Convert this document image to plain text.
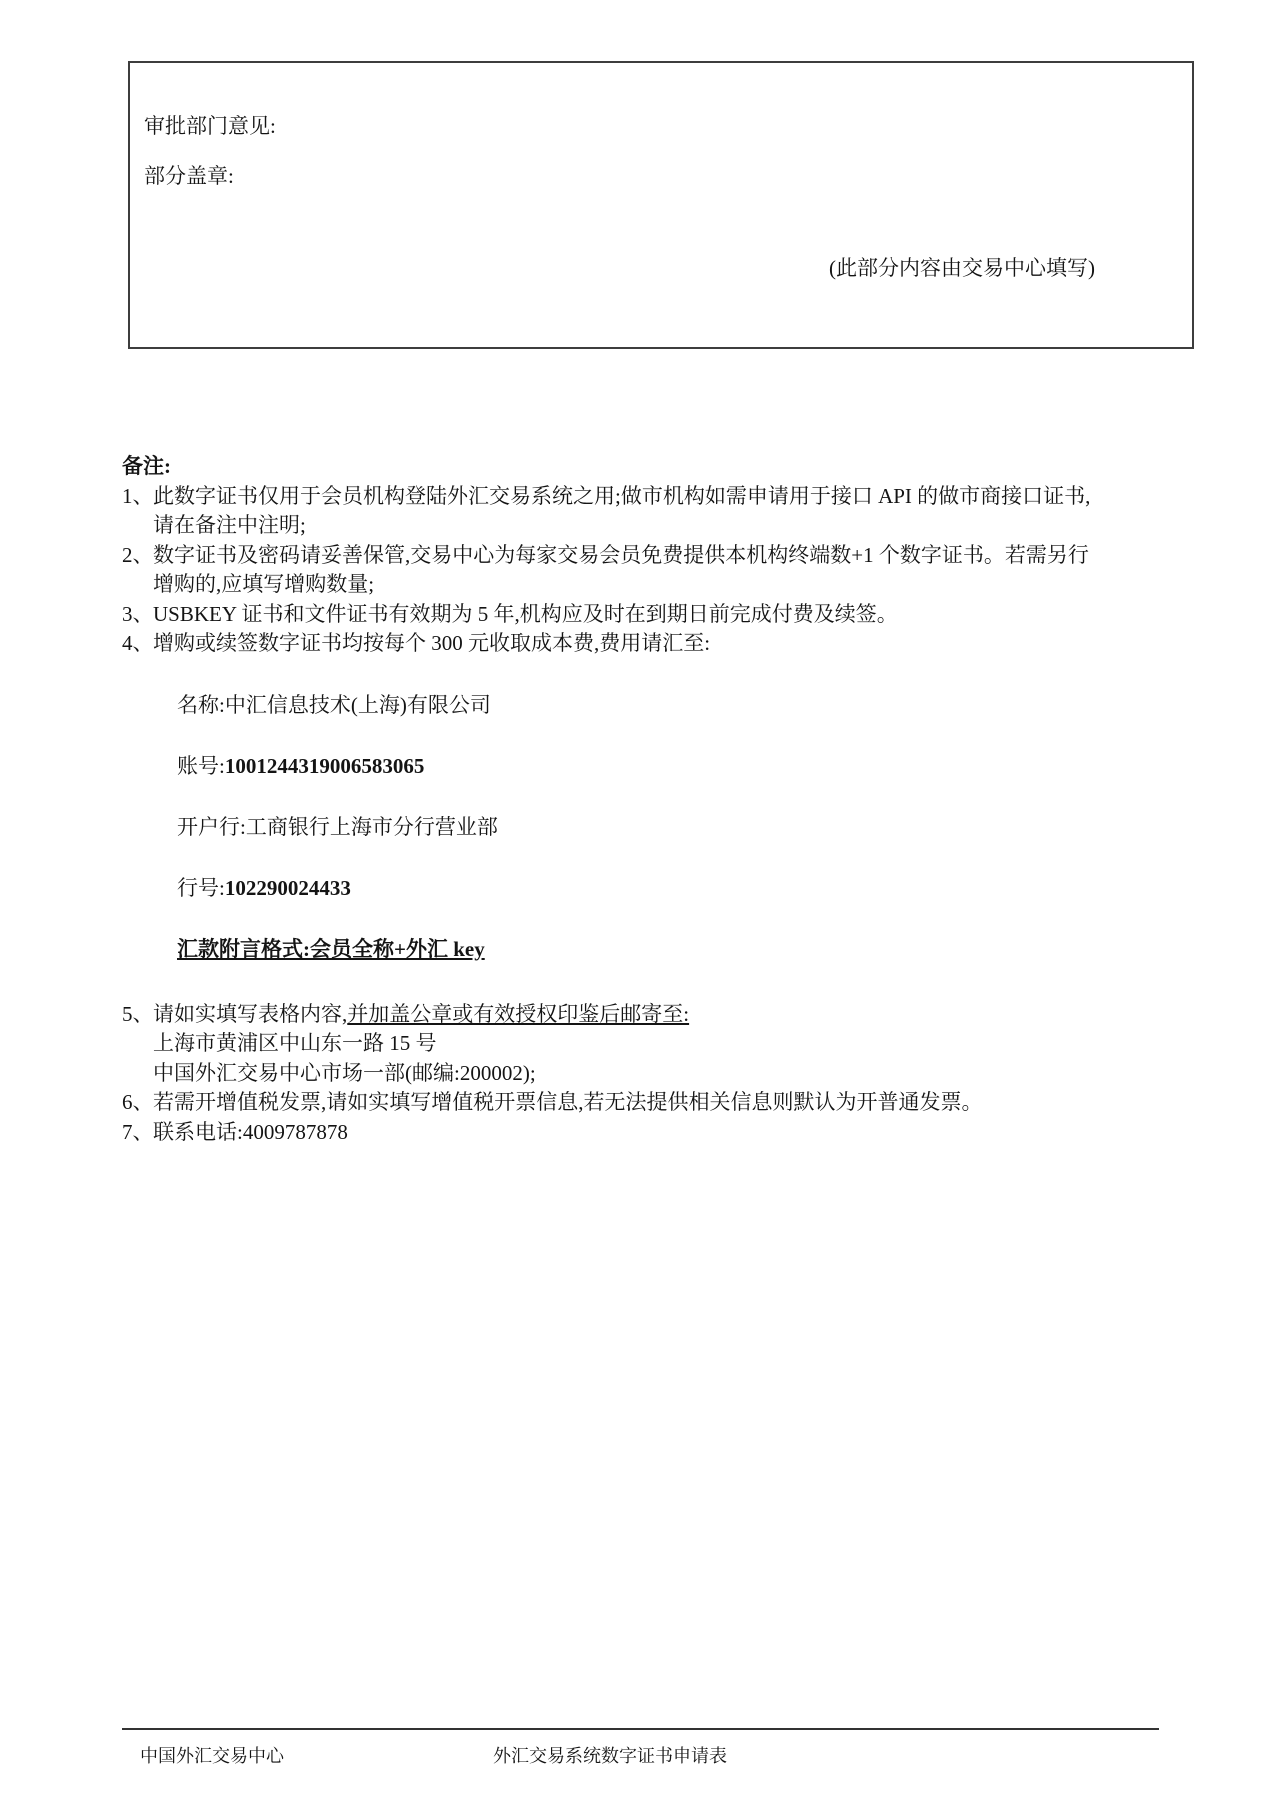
审批部门意见:
部分盖章:
(此部分内容由交易中心填写)
备注:
1、 此数字证书仅用于会员机构登陆外汇交易系统之用;做市机构如需申请用于接口 API 的做市商接口证书,请在备注中注明;
2、 数字证书及密码请妥善保管,交易中心为每家交易会员免费提供本机构终端数+1 个数字证书。若需另行增购的,应填写增购数量;
3、 USBKEY 证书和文件证书有效期为 5 年,机构应及时在到期日前完成付费及续签。
4、 增购或续签数字证书均按每个 300 元收取成本费,费用请汇至:
名称:中汇信息技术(上海)有限公司
账号:1001244319006583065
开户行:工商银行上海市分行营业部
行号:102290024433
汇款附言格式:会员全称+外汇 key
5、 请如实填写表格内容,并加盖公章或有效授权印鉴后邮寄至:
上海市黄浦区中山东一路 15 号
中国外汇交易中心市场一部(邮编:200002);
6、 若需开增值税发票,请如实填写增值税开票信息,若无法提供相关信息则默认为开普通发票。
7、 联系电话:4009787878
中国外汇交易中心	外汇交易系统数字证书申请表
